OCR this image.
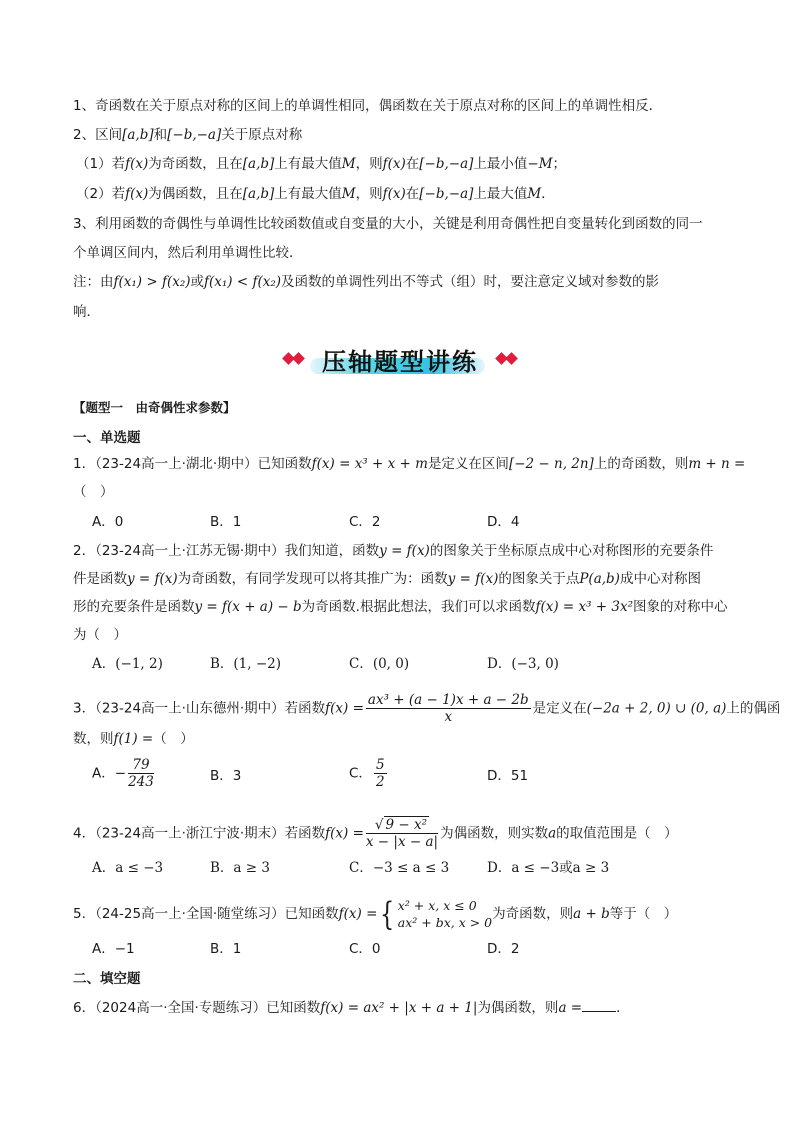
1、奇函数在关于原点对称的区间上的单调性相同，偶函数在关于原点对称的区间上的单调性相反．
2、区间[a,b]和[−b,−a]关于原点对称
（1）若f(x)为奇函数，且在[a,b]上有最大值M，则f(x)在[−b,−a]上最小值−M；
（2）若f(x)为偶函数，且在[a,b]上有最大值M，则f(x)在[−b,−a]上最大值M．
3、利用函数的奇偶性与单调性比较函数值或自变量的大小，关键是利用奇偶性把自变量转化到函数的同一
个单调区间内，然后利用单调性比较．
注：由f(x₁) > f(x₂)或f(x₁) < f(x₂)及函数的单调性列出不等式（组）时，要注意定义域对参数的影
响．
压轴题型讲练
【题型一　由奇偶性求参数】
一、单选题
1．（23-24高一上·湖北·期中）已知函数f(x) = x³ + x + m是定义在区间[−2 − n, 2n]上的奇函数，则m + n =
（　）
A．0	B．1	C．2	D．4
2．（23-24高一上·江苏无锡·期中）我们知道，函数y = f(x)的图象关于坐标原点成中心对称图形的充要条件
件是函数y = f(x)为奇函数，有同学发现可以将其推广为：函数y = f(x)的图象关于点P(a,b)成中心对称图
形的充要条件是函数y = f(x + a) − b为奇函数.根据此想法，我们可以求函数f(x) = x³ + 3x²图象的对称中心
为（　）
A．(−1, 2)	B．(1, −2)	C．(0, 0)	D．(−3, 0)
3．（23-24高一上·山东德州·期中）若函数$f(x) = \frac{\text{ax³ + (a − 1)x + a − 2b}}{x}$ 是定义在(−2a + 2, 0) ∪ (0, a)上的偶函
数，则f(1) =（　）
A．− $\frac{79}{243}$	B．3	C． $\frac{5}{2}$	D．51
4．（23-24高一上·浙江宁波·期末）若函数$f(x) = \frac{\text{√ 9 − x²}}{x - |x - a|}$ 为偶函数，则实数a的取值范围是（　）
A．a ≤ −3	B．a ≥ 3	C．−3 ≤ a ≤ 3	D．a ≤ −3或a ≥ 3
5．（24-25高一上·全国·随堂练习）已知函数f(x) ={ x² + x, x ≤ 0
ax² + bx, x > 0
为奇函数，则a + b等于（　）
A．−1	B．1	C．0	D．2
二、填空题
6．（2024高一·全国·专题练习）已知函数f(x) = ax² + |x + a + 1|为偶函数，则a =	．
